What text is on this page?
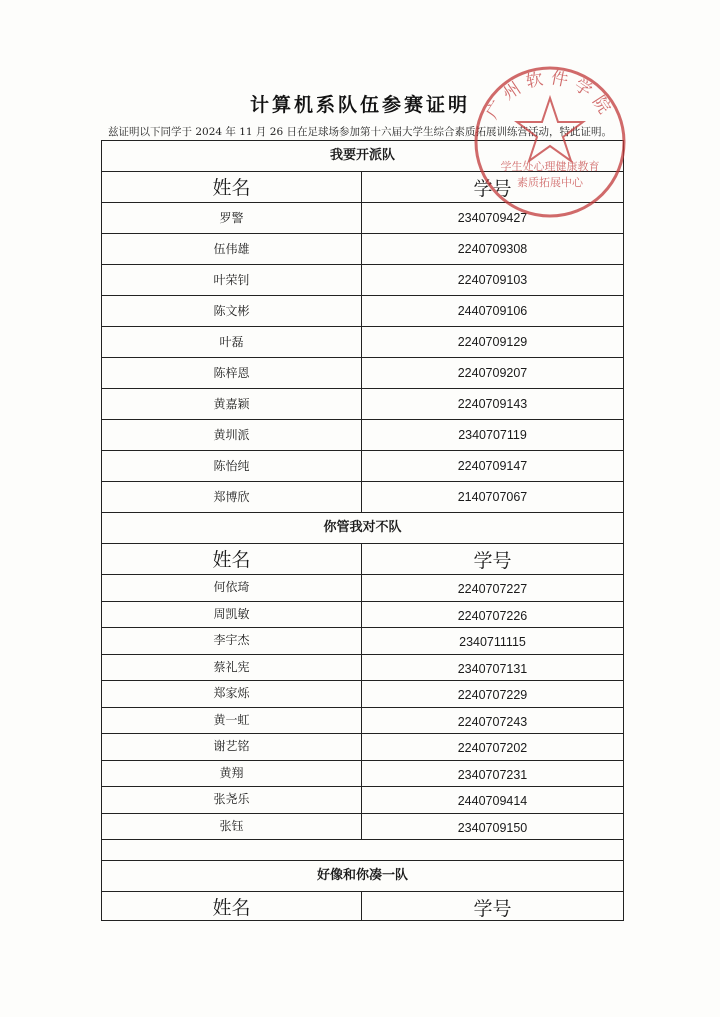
计算机系队伍参赛证明
兹证明以下同学于 2024 年 11 月 26 日在足球场参加第十六届大学生综合素质拓展训练营活动，特此证明。
我要开派队
姓名	学号
罗警	2340709427
伍伟雄	2240709308
叶荣钊	2240709103
陈文彬	2440709106
叶磊	2240709129
陈梓恩	2240709207
黄嘉颖	2240709143
黄圳派	2340707119
陈怡纯	2240709147
郑博欣	2140707067
你管我对不队
姓名	学号
何依琦	2240707227
周凯敏	2240707226
李宇杰	2340711115
蔡礼宪	2340707131
郑家烁	2240707229
黄一虹	2240707243
谢艺铭	2240707202
黄翔	2340707231
张尧乐	2440709414
张钰	2340709150
好像和你凑一队
姓名	学号
广州软件学院
学生处心理健康教育
素质拓展中心
